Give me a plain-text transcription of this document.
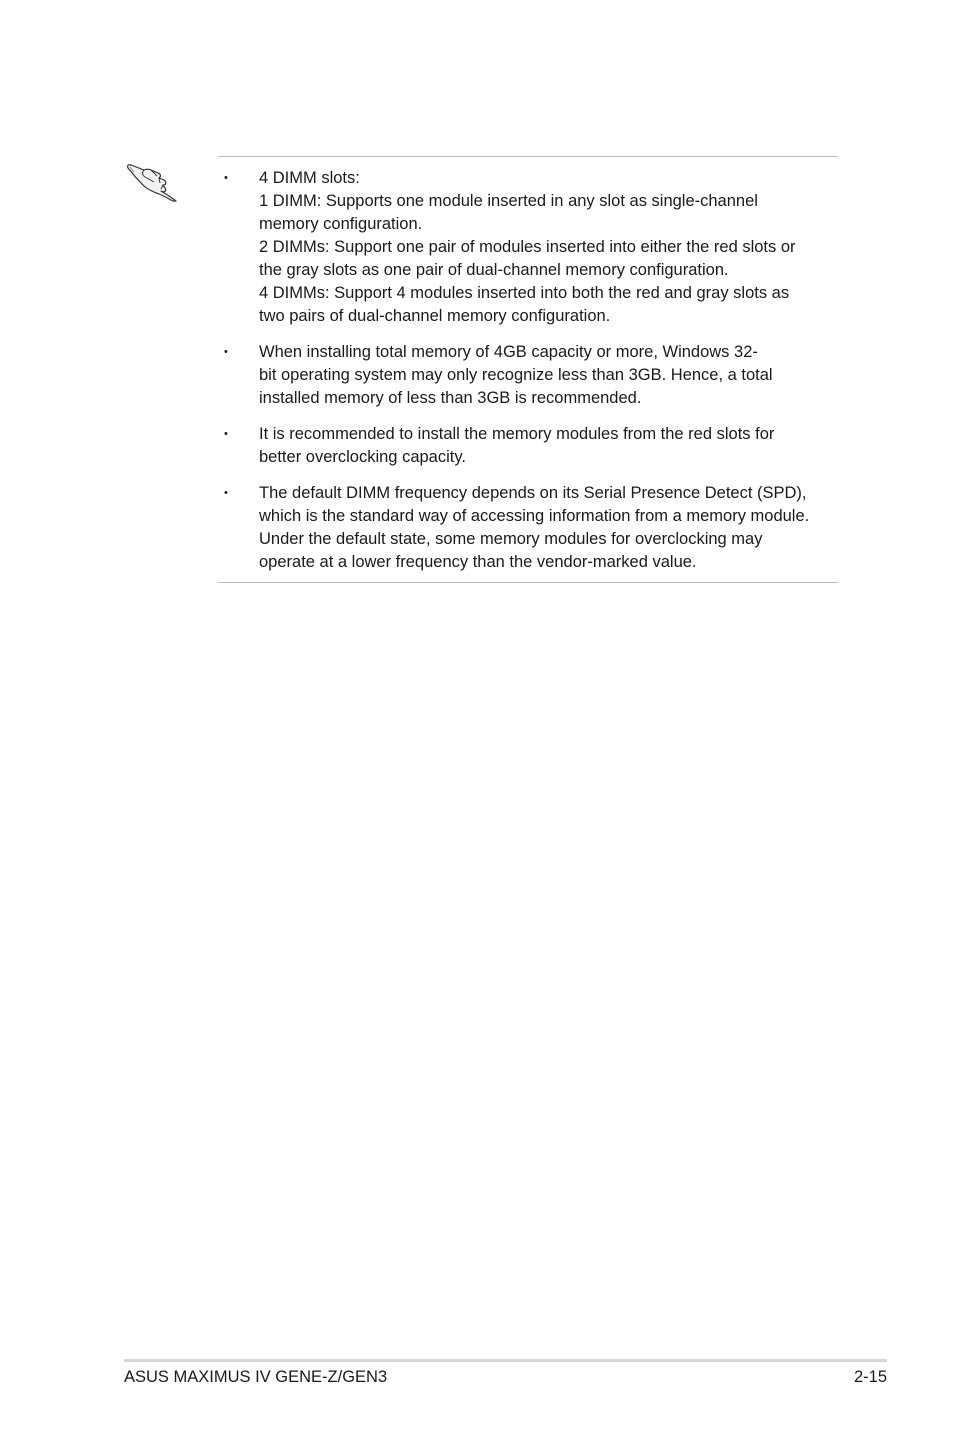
• 4 DIMM slots:
1 DIMM: Supports one module inserted in any slot as single-channel
memory configuration.
2 DIMMs: Support one pair of modules inserted into either the red slots or
the gray slots as one pair of dual-channel memory configuration.
4 DIMMs: Support 4 modules inserted into both the red and gray slots as
two pairs of dual-channel memory configuration.
• When installing total memory of 4GB capacity or more, Windows 32-
bit operating system may only recognize less than 3GB. Hence, a total
installed memory of less than 3GB is recommended.
• It is recommended to install the memory modules from the red slots for
better overclocking capacity.
• The default DIMM frequency depends on its Serial Presence Detect (SPD),
which is the standard way of accessing information from a memory module.
Under the default state, some memory modules for overclocking may
operate at a lower frequency than the vendor-marked value.
ASUS MAXIMUS IV GENE-Z/GEN3	2-15
